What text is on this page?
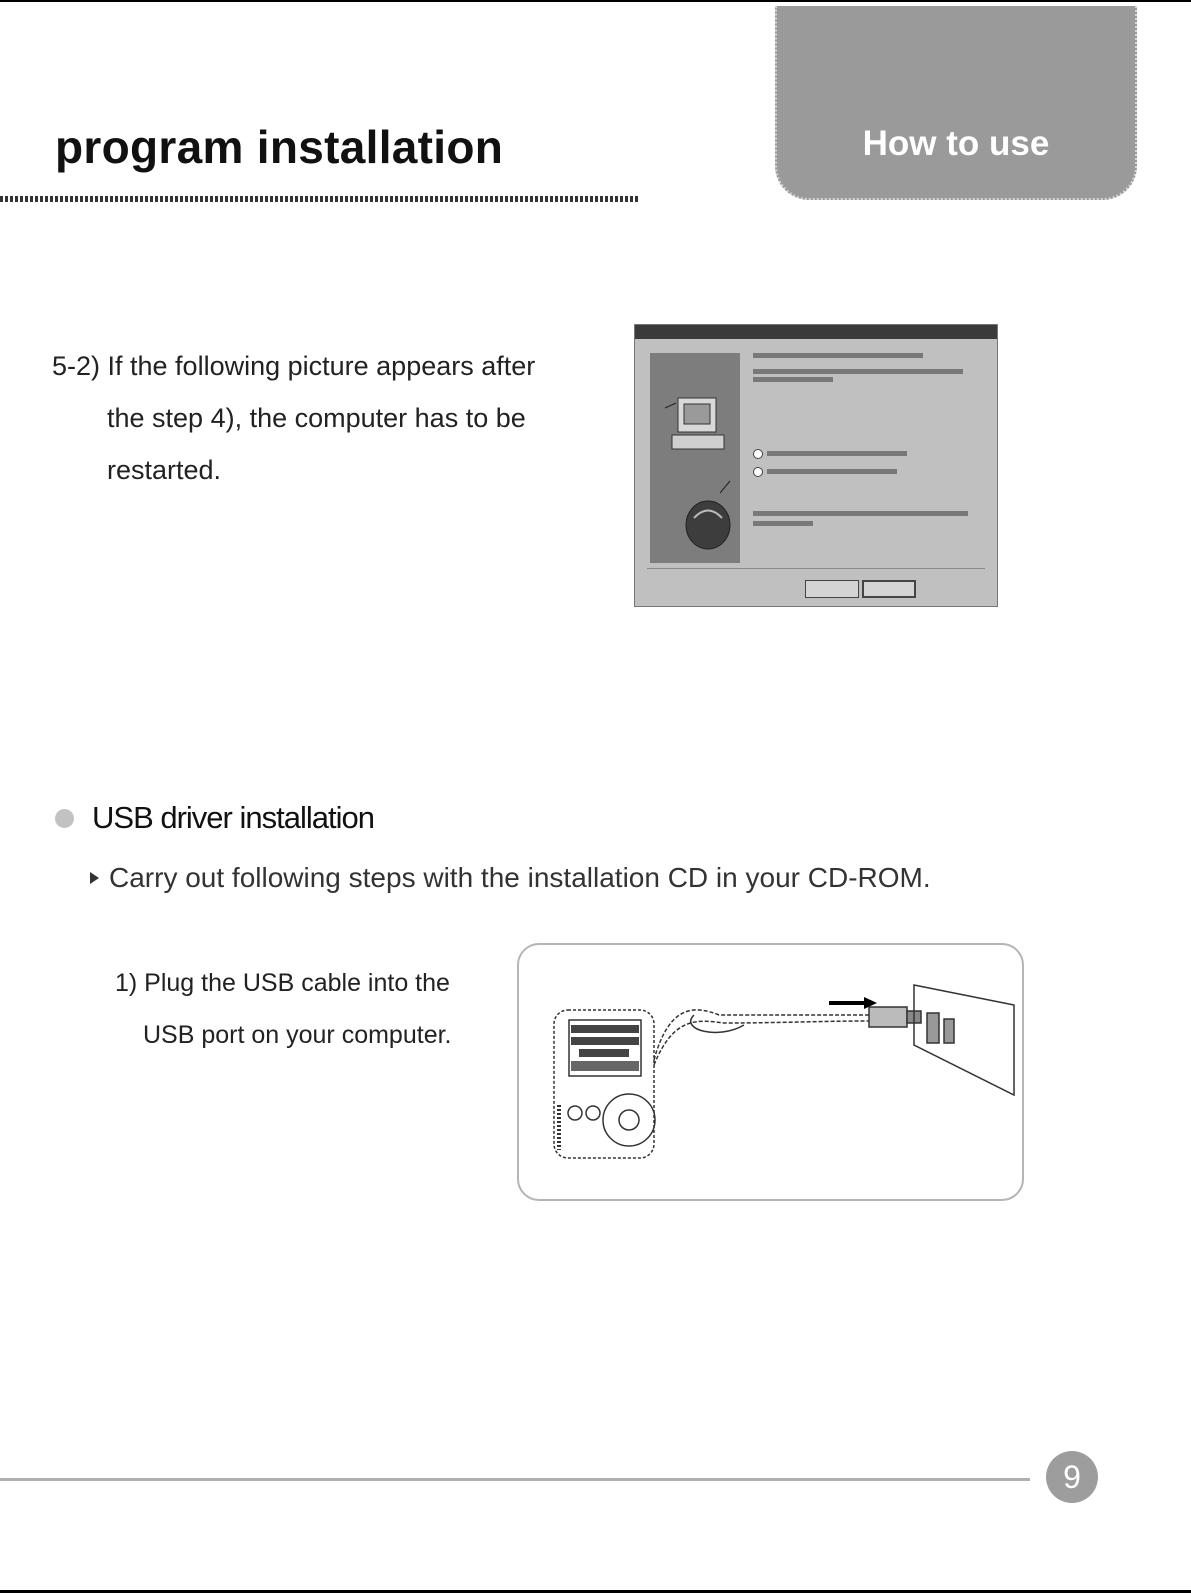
program installation	How to use
5-2) If the following picture appears after
the step 4), the computer has to be
restarted.
USB driver installation
Carry out following steps with the installation CD in your CD-ROM.
1) Plug the USB cable into the
USB port on your computer.
9
